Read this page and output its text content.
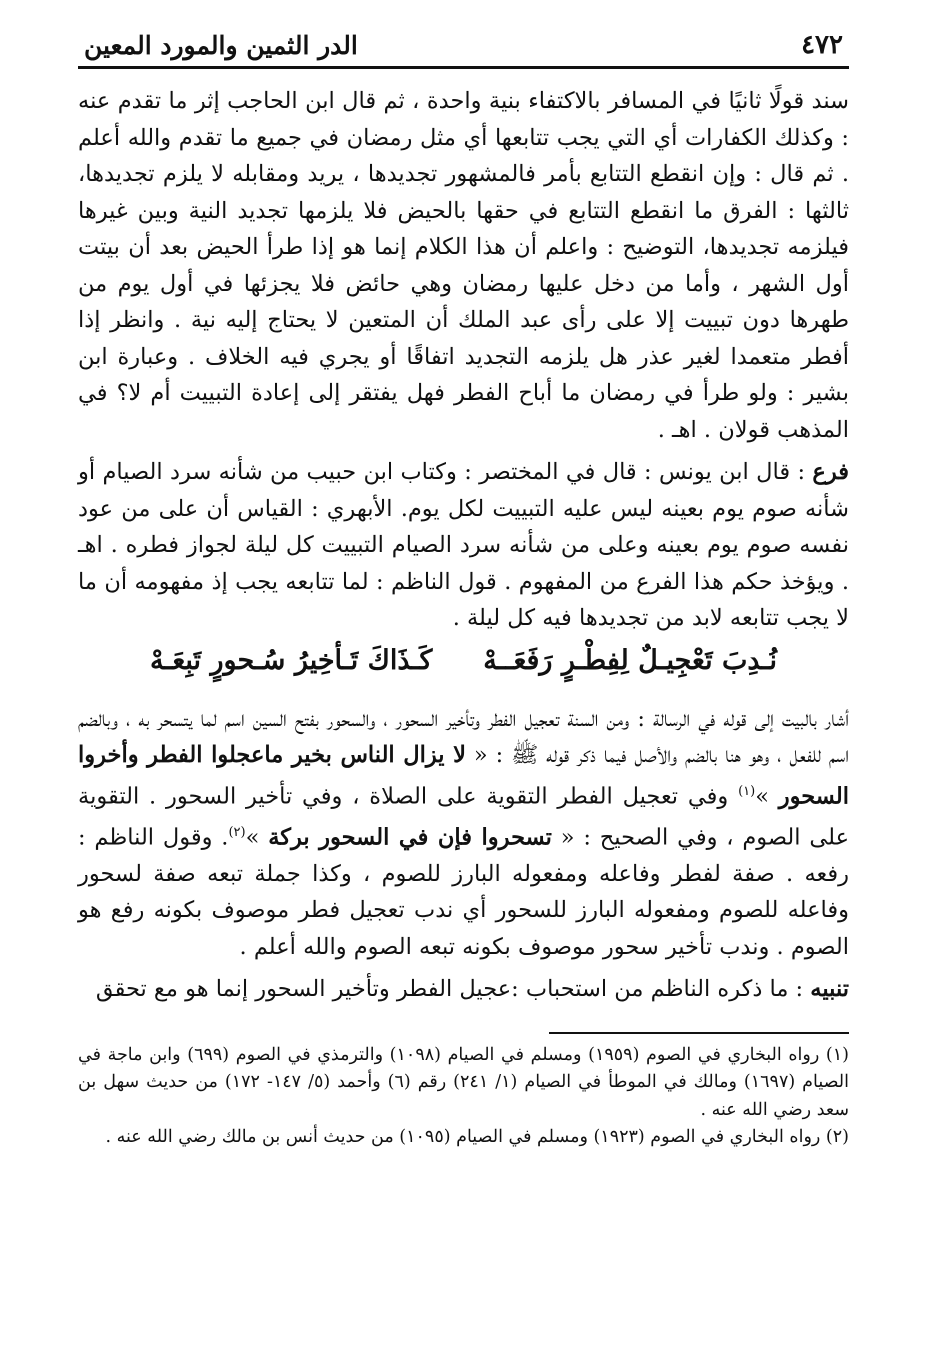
٤٧٢
الدر الثمين والمورد المعين

سند قولًا ثانيًا في المسافر بالاكتفاء بنية واحدة ، ثم قال ابن الحاجب إثر ما تقدم عنه : وكذلك الكفارات أي التي يجب تتابعها أي مثل رمضان في جميع ما تقدم والله أعلم . ثم قال : وإن انقطع التتابع بأمر فالمشهور تجديدها ، يريد ومقابله لا يلزم تجديدها، ثالثها : الفرق ما انقطع التتابع في حقها بالحيض فلا يلزمها تجديد النية وبين غيرها فيلزمه تجديدها، التوضيح : واعلم أن هذا الكلام إنما هو إذا طرأ الحيض بعد أن بيتت أول الشهر ، وأما من دخل عليها رمضان وهي حائض فلا يجزئها في أول يوم من طهرها دون تبييت إلا على رأى عبد الملك أن المتعين لا يحتاج إليه نية . وانظر إذا أفطر متعمدا لغير عذر هل يلزمه التجديد اتفاقًا أو يجري فيه الخلاف . وعبارة ابن بشير : ولو طرأ في رمضان ما أباح الفطر فهل يفتقر إلى إعادة التبييت أم لا؟ في المذهب قولان . اهـ .

فرع : قال ابن يونس : قال في المختصر : وكتاب ابن حبيب من شأنه سرد الصيام أو شأنه صوم يوم بعينه ليس عليه التبييت لكل يوم. الأبهري : القياس أن على من عود نفسه صوم يوم بعينه وعلى من شأنه سرد الصيام التبييت كل ليلة لجواز فطره . اهـ . ويؤخذ حكم هذا الفرع من المفهوم . قول الناظم : لما تتابعه يجب إذ مفهومه أن ما لا يجب تتابعه لابد من تجديدها فيه كل ليلة .

نُـدِبَ تَعْجِيـلٌ لِفِطْـرٍ رَفَعَــهْ
كَـذَاكَ تَـأخِيرُ سُـحورٍ تَبِعَـهْ

أشار بالبيت إلى قوله في الرسالة : ومن السنة تعجيل الفطر وتأخير السحور ، والسحور بفتح السين اسم لما يتسحر به ، وبالضم اسم للفعل ، وهو هنا بالضم والأصل فيما ذكر قوله ﷺ : « لا يزال الناس بخير ماعجلوا الفطر وأخروا السحور »$^{(١)}$ وفي تعجيل الفطر التقوية على الصلاة ، وفي تأخير السحور . التقوية على الصوم ، وفي الصحيح : « تسحروا فإن في السحور بركة »$^{(٢)}$. وقول الناظم : رفعه . صفة لفطر وفاعله ومفعوله البارز للصوم ، وكذا جملة تبعه صفة لسحور وفاعله للصوم ومفعوله البارز للسحور أي ندب تعجيل فطر موصوف بكونه رفع هو الصوم . وندب تأخير سحور موصوف بكونه تبعه الصوم والله أعلم .

تنبيه : ما ذكره الناظم من استحباب :عجيل الفطر وتأخير السحور إنما هو مع تحقق

(١) رواه البخاري في الصوم (١٩٥٩) ومسلم في الصيام (١٠٩٨) والترمذي في الصوم (٦٩٩) وابن ماجة في الصيام (١٦٩٧) ومالك في الموطأ في الصيام (١/ ٢٤١) رقم (٦) وأحمد (٥/ ١٤٧- ١٧٢) من حديث سهل بن سعد رضي الله عنه .

(٢) رواه البخاري في الصوم (١٩٢٣) ومسلم في الصيام (١٠٩٥) من حديث أنس بن مالك رضي الله عنه .
